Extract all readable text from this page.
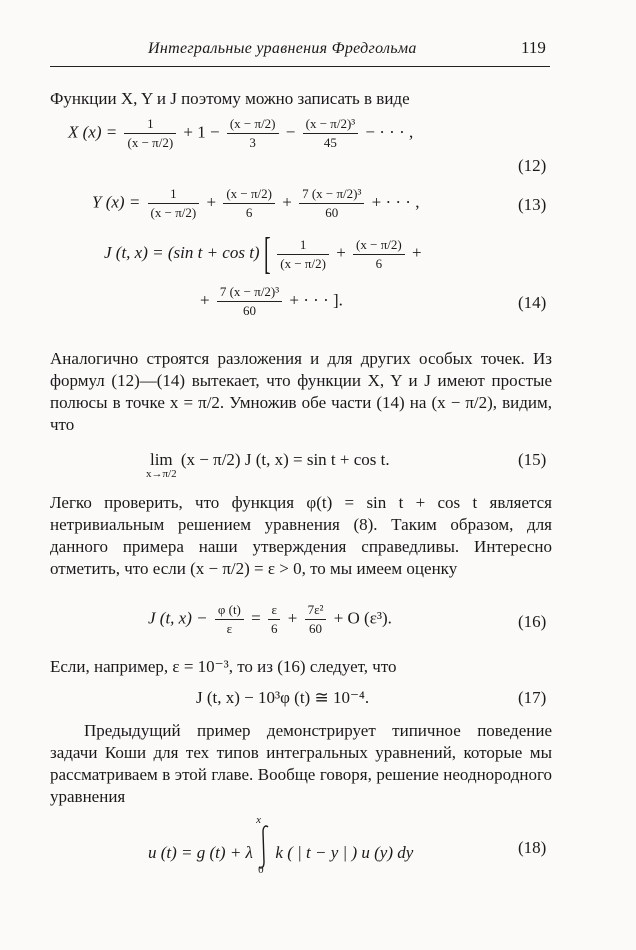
Интегральные уравнения Фредгольма	119

Функции X, Y и J поэтому можно записать в виде

X $(x) = \frac{1}{(x - \pi/2)} + 1 - \frac{(x - \pi/2)}{3} - \frac{\text{(x − π/2)³}}{45}$ − · · · ,
(12)
Y $(x) = \frac{1}{(x - \pi/2)} + \frac{(x - \pi/2)}{6} + \frac{\text{7 (x − π/2)³}}{60}$ + · · · ,	(13)
J (t, x) = (sin $t + \cos t)[ \frac{1}{(x - \pi/2)} + \frac{(x - \pi/2)}{6}$ +
+ $\frac{\text{7 (x − π/2)³}}{60}$ + · · · ].	(14)

Аналогично строятся разложения и для других особых точек. Из формул (12)—(14) вытекает, что функции X, Y и J имеют простые полюсы в точке x = π/2. Умножив обе части (14) на (x − π/2), видим, что

lim
x→π/2
(x − π/2) J (t, x) = sin t + cos t.	(15)

Легко проверить, что функция φ(t) = sin t + cos t является нетривиальным решением уравнения (8). Таким образом, для данного примера наши утверждения справедливы. Интересно отметить, что если (x − π/2) = ε > 0, то мы имеем оценку

J (t, $x) - \frac{\varphi (t)}{\varepsilon} = \frac{\varepsilon}{6} + \frac{\text{7ε²}}{60} + O$ (ε³).	(16)

Если, например, ε = 10⁻³, то из (16) следует, что

J (t, x) − 10³φ (t) ≅ 10⁻⁴.	(17)

Предыдущий пример демонстрирует типичное поведение задачи Коши для тех типов интегральных уравнений, которые мы рассматриваем в этой главе. Вообще говоря, решение неоднородного уравнения

u (t) = g (t) + λ
x
0
k ( | t − y | ) u (y) dy	(18)
